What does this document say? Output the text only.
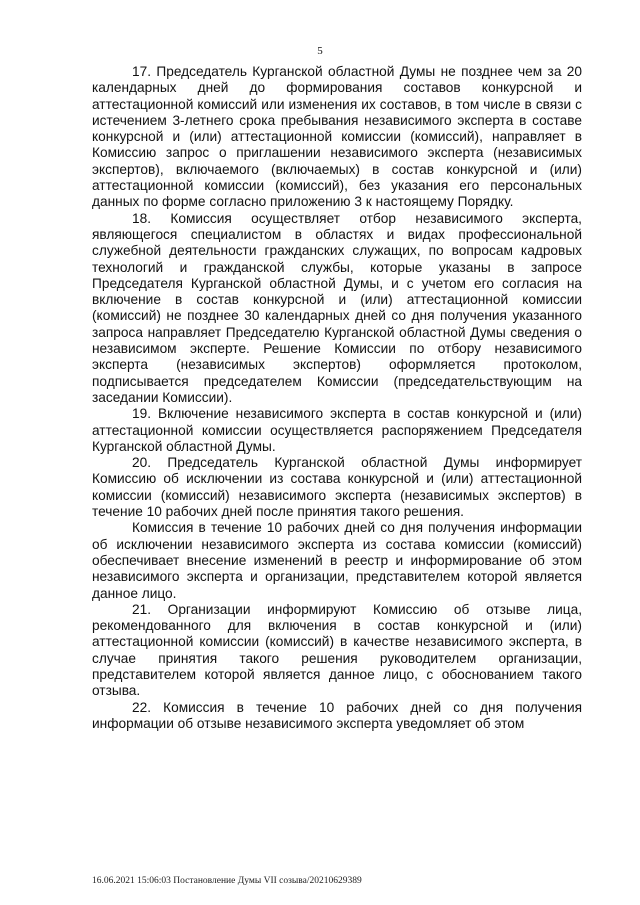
5

17. Председатель Курганской областной Думы не позднее чем за 20 календарных дней до формирования составов конкурсной и аттестационной комиссий или изменения их составов, в том числе в связи с истечением 3-летнего срока пребывания независимого эксперта в составе конкурсной и (или) аттестационной комиссии (комиссий), направляет в Комиссию запрос о приглашении независимого эксперта (независимых экспертов), включаемого (включаемых) в состав конкурсной и (или) аттестационной комиссии (комиссий), без указания его персональных данных по форме согласно приложению 3 к настоящему Порядку.

18. Комиссия осуществляет отбор независимого эксперта, являющегося специалистом в областях и видах профессиональной служебной деятельности гражданских служащих, по вопросам кадровых технологий и гражданской службы, которые указаны в запросе Председателя Курганской областной Думы, и с учетом его согласия на включение в состав конкурсной и (или) аттестационной комиссии (комиссий) не позднее 30 календарных дней со дня получения указанного запроса направляет Председателю Курганской областной Думы сведения о независимом эксперте. Решение Комиссии по отбору независимого эксперта (независимых экспертов) оформляется протоколом, подписывается председателем Комиссии (председательствующим на заседании Комиссии).

19. Включение независимого эксперта в состав конкурсной и (или) аттестационной комиссии осуществляется распоряжением Председателя Курганской областной Думы.

20. Председатель Курганской областной Думы информирует Комиссию об исключении из состава конкурсной и (или) аттестационной комиссии (комиссий) независимого эксперта (независимых экспертов) в течение 10 рабочих дней после принятия такого решения.

Комиссия в течение 10 рабочих дней со дня получения информации об исключении независимого эксперта из состава комиссии (комиссий) обеспечивает внесение изменений в реестр и информирование об этом независимого эксперта и организации, представителем которой является данное лицо.

21. Организации информируют Комиссию об отзыве лица, рекомендованного для включения в состав конкурсной и (или) аттестационной комиссии (комиссий) в качестве независимого эксперта, в случае принятия такого решения руководителем организации, представителем которой является данное лицо, с обоснованием такого отзыва.

22. Комиссия в течение 10 рабочих дней со дня получения информации об отзыве независимого эксперта уведомляет об этом

16.06.2021 15:06:03 Постановление Думы VII созыва/20210629389
